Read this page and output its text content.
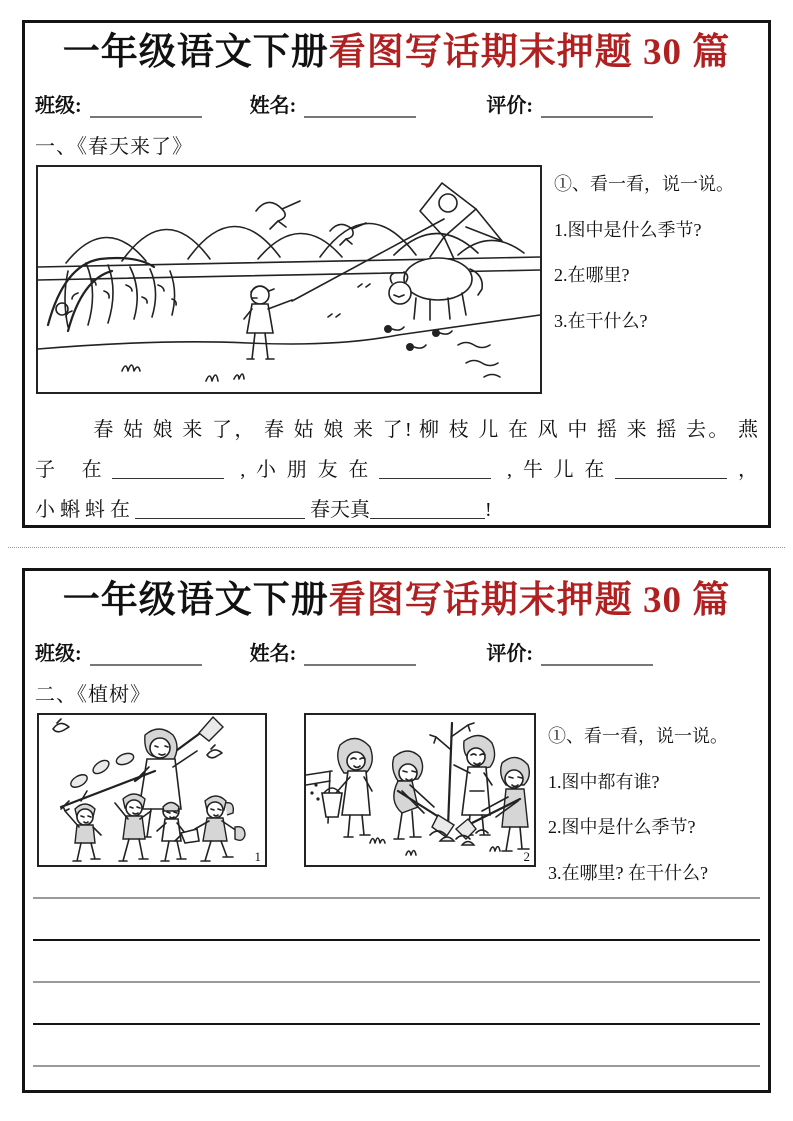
一年级语文下册看图写话期末押题 30 篇
班级:	姓名:	评价:
一、《春天来了》
①、看一看，说一说。
1.图中是什么季节?
2.在哪里?
3.在干什么?
春 姑 娘 来 了， 春 姑 娘 来 了! 柳 枝 儿 在 风 中 摇 来 摇 去。 燕
子 在	,小朋友在	,牛儿在	，
小 蝌 蚪 在	春天真	!
一年级语文下册看图写话期末押题 30 篇
班级:	姓名:	评价:
二、《植树》
1	2
①、看一看，说一说。
1.图中都有谁?
2.图中是什么季节?
3.在哪里? 在干什么?
